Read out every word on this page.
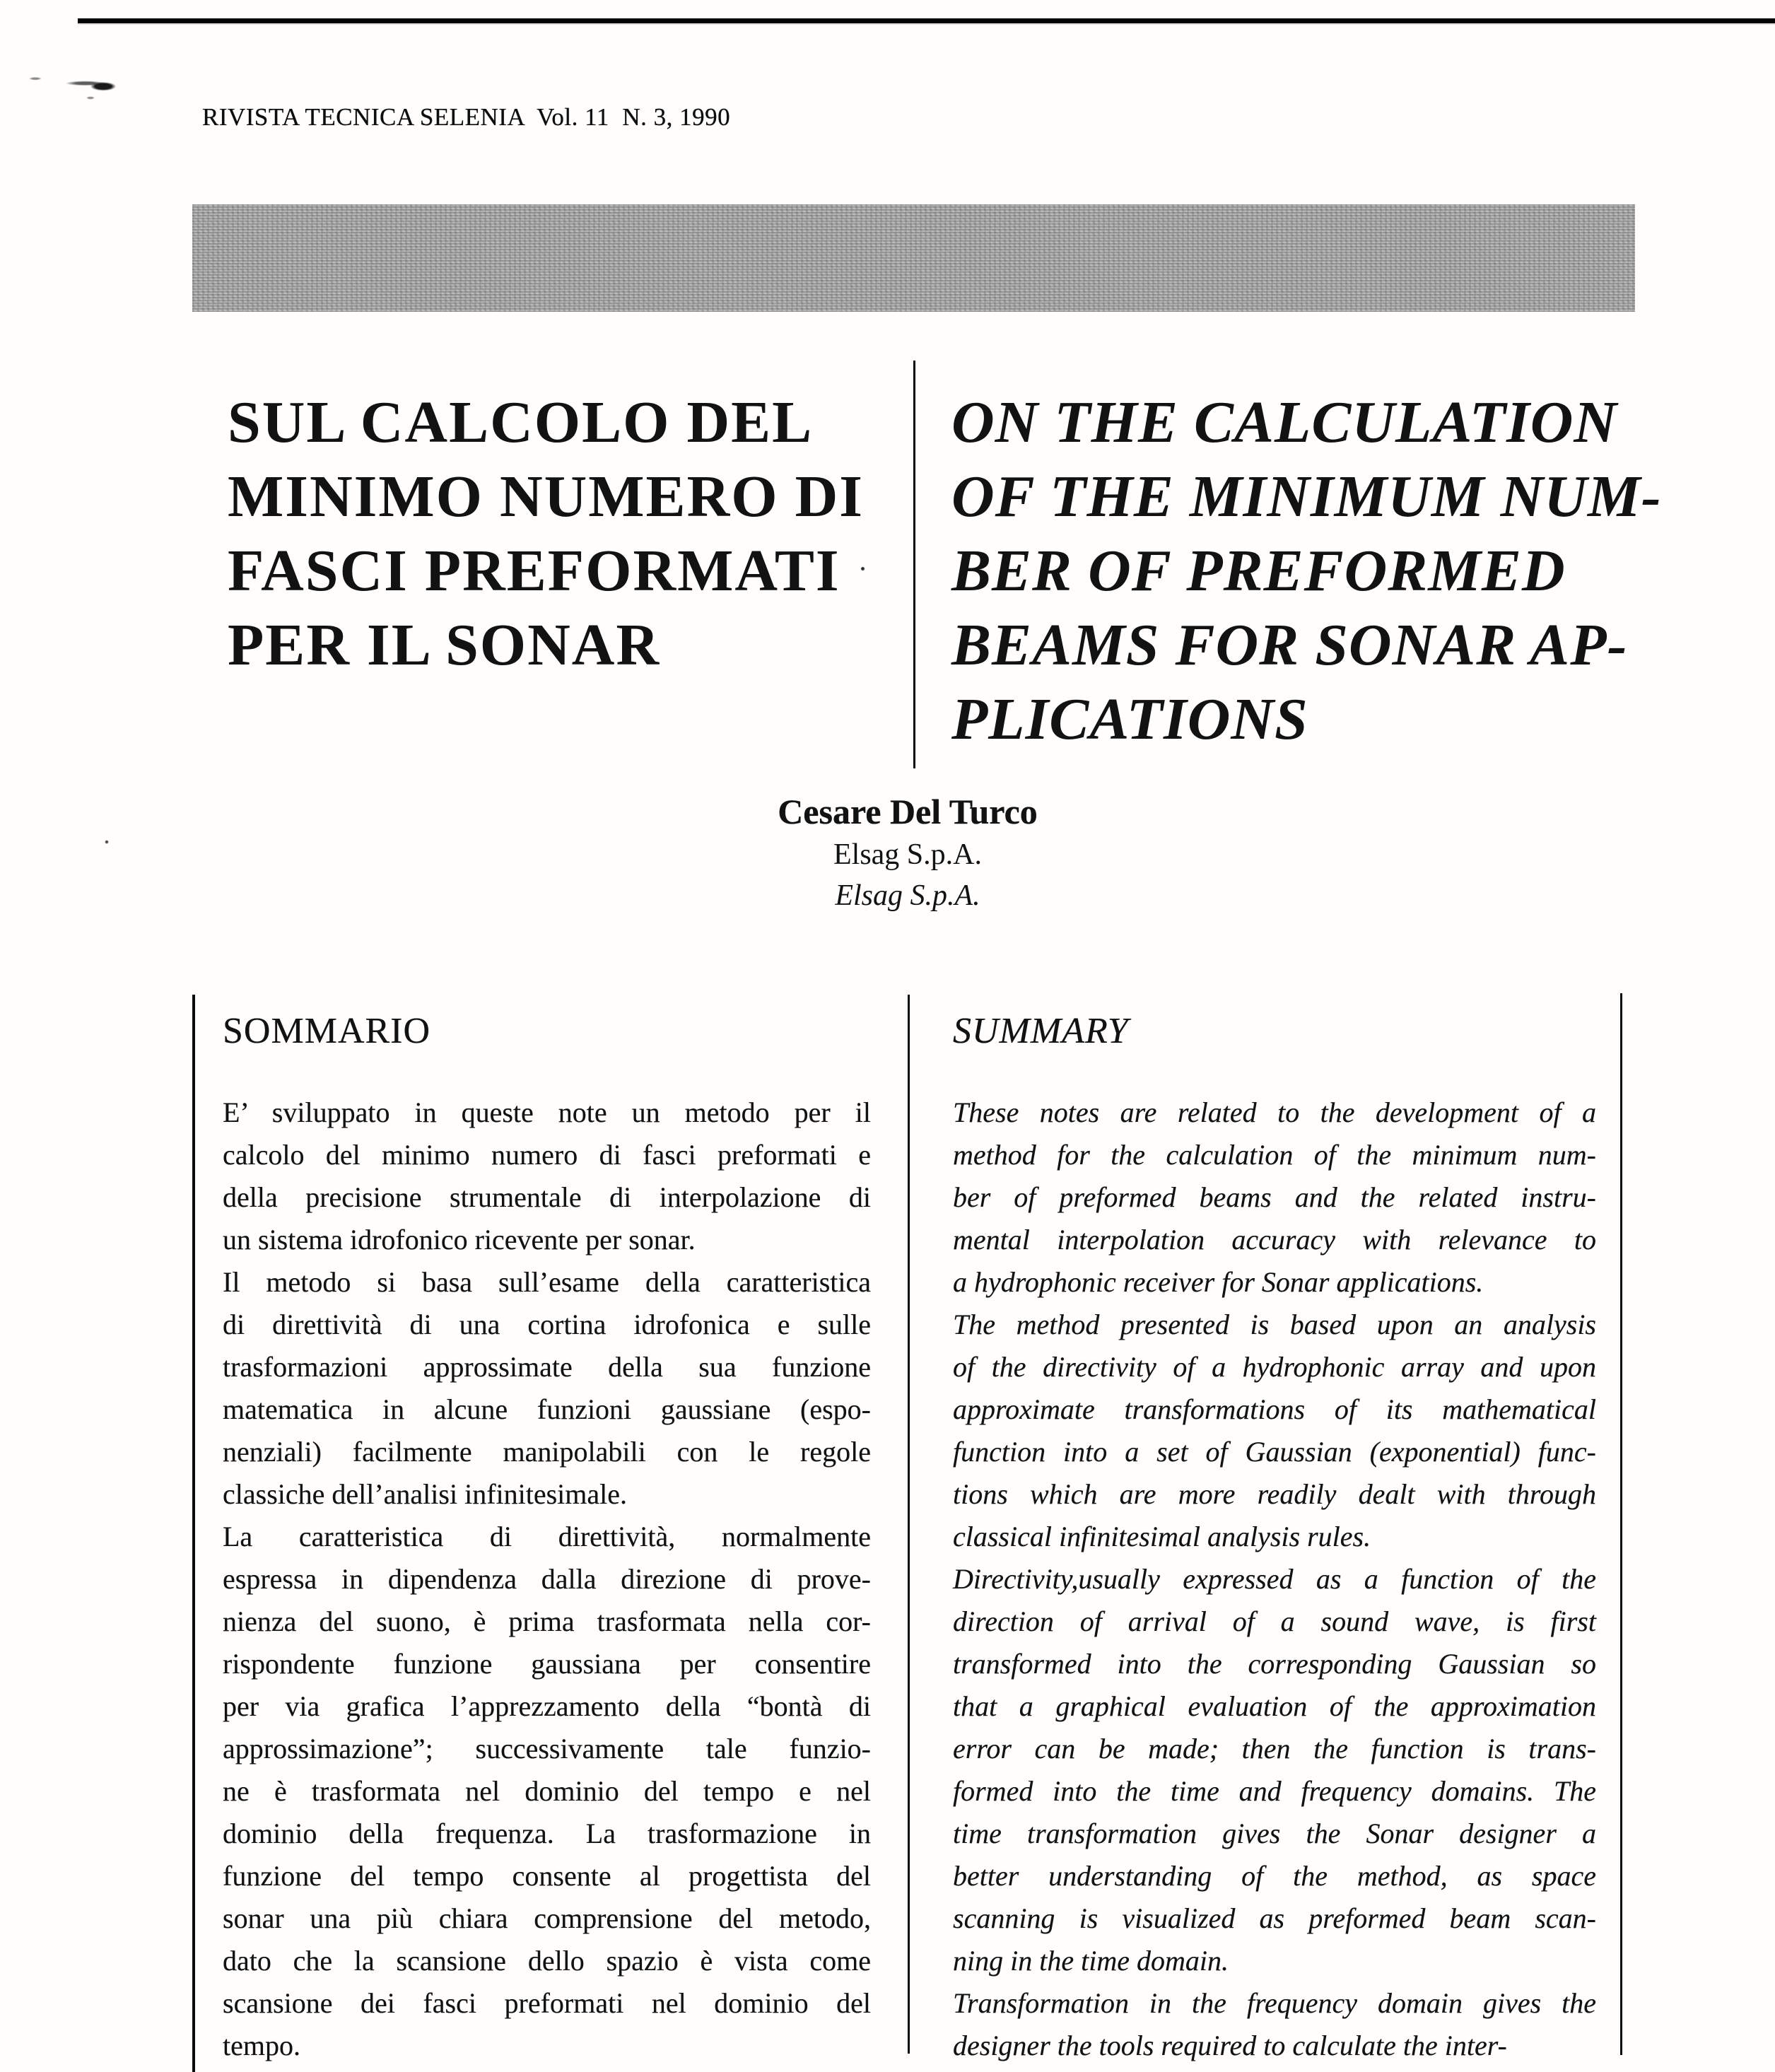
RIVISTA TECNICA SELENIA  Vol. 11  N. 3, 1990
SUL CALCOLO DEL
MINIMO NUMERO DI
FASCI PREFORMATI
PER IL SONAR
ON THE CALCULATION
OF THE MINIMUM NUM-
BER OF PREFORMED
BEAMS FOR SONAR AP-
PLICATIONS
Cesare Del Turco
Elsag S.p.A.
Elsag S.p.A.
SOMMARIO
E’ sviluppato in queste note un metodo per il
calcolo del minimo numero di fasci preformati e
della precisione strumentale di interpolazione di
un sistema idrofonico ricevente per sonar.
Il metodo si basa sull’esame della caratteristica
di direttività di una cortina idrofonica e sulle
trasformazioni approssimate della sua funzione
matematica in alcune funzioni gaussiane (espo-
nenziali) facilmente manipolabili con le regole
classiche dell’analisi infinitesimale.
La caratteristica di direttività, normalmente
espressa in dipendenza dalla direzione di prove-
nienza del suono, è prima trasformata nella cor-
rispondente funzione gaussiana per consentire
per via grafica l’apprezzamento della “bontà di
approssimazione”; successivamente tale funzio-
ne è trasformata nel dominio del tempo e nel
dominio della frequenza. La trasformazione in
funzione del tempo consente al progettista del
sonar una più chiara comprensione del metodo,
dato che la scansione dello spazio è vista come
scansione dei fasci preformati nel dominio del
tempo.
SUMMARY
These notes are related to the development of a
method for the calculation of the minimum num-
ber of preformed beams and the related instru-
mental interpolation accuracy with relevance to
a hydrophonic receiver for Sonar applications.
The method presented is based upon an analysis
of the directivity of a hydrophonic array and upon
approximate transformations of its mathematical
function into a set of Gaussian (exponential) func-
tions which are more readily dealt with through
classical infinitesimal analysis rules.
Directivity,usually expressed as a function of the
direction of arrival of a sound wave, is first
transformed into the corresponding Gaussian so
that a graphical evaluation of the approximation
error can be made; then the function is trans-
formed into the time and frequency domains. The
time transformation gives the Sonar designer a
better understanding of the method, as space
scanning is visualized as preformed beam scan-
ning in the time domain.
Transformation in the frequency domain gives the
designer the tools required to calculate the inter-
